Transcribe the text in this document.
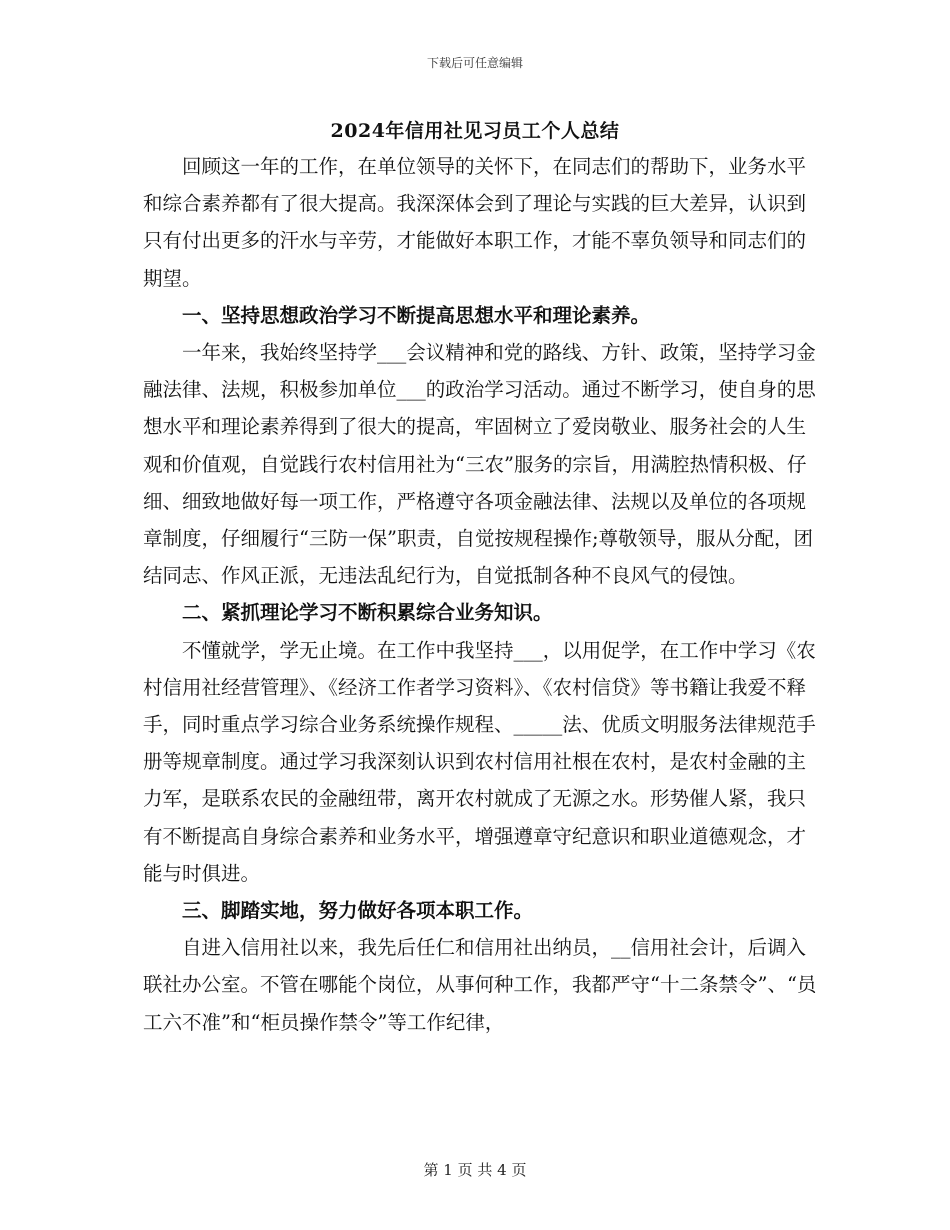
下载后可任意编辑
2024年信用社见习员工个人总结

回顾这一年的工作，在单位领导的关怀下，在同志们的帮助下，业务水平和综合素养都有了很大提高。我深深体会到了理论与实践的巨大差异，认识到只有付出更多的汗水与辛劳，才能做好本职工作，才能不辜负领导和同志们的期望。

一、坚持思想政治学习不断提高思想水平和理论素养。

一年来，我始终坚持学___会议精神和党的路线、方针、政策，坚持学习金融法律、法规，积极参加单位___的政治学习活动。通过不断学习，使自身的思想水平和理论素养得到了很大的提高，牢固树立了爱岗敬业、服务社会的人生观和价值观，自觉践行农村信用社为“三农”服务的宗旨，用满腔热情积极、仔细、细致地做好每一项工作，严格遵守各项金融法律、法规以及单位的各项规章制度，仔细履行“三防一保”职责，自觉按规程操作;尊敬领导，服从分配，团结同志、作风正派，无违法乱纪行为，自觉抵制各种不良风气的侵蚀。

二、紧抓理论学习不断积累综合业务知识。

不懂就学，学无止境。在工作中我坚持___，以用促学，在工作中学习《农村信用社经营管理》、《经济工作者学习资料》、《农村信贷》等书籍让我爱不释手，同时重点学习综合业务系统操作规程、_____法、优质文明服务法律规范手册等规章制度。通过学习我深刻认识到农村信用社根在农村，是农村金融的主力军，是联系农民的金融纽带，离开农村就成了无源之水。形势催人紧，我只有不断提高自身综合素养和业务水平，增强遵章守纪意识和职业道德观念，才能与时俱进。

三、脚踏实地，努力做好各项本职工作。

自进入信用社以来，我先后任仁和信用社出纳员，__信用社会计，后调入联社办公室。不管在哪能个岗位，从事何种工作，我都严守“十二条禁令”、“员工六不准”和“柜员操作禁令”等工作纪律，

第 1 页 共 4 页
